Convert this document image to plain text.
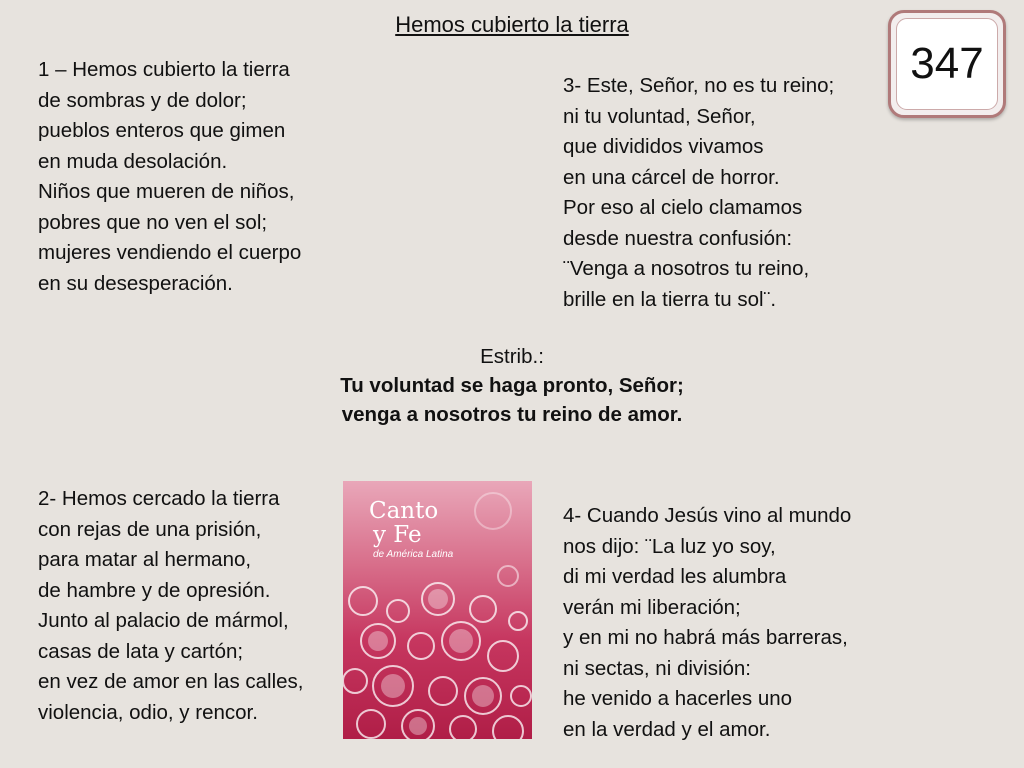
Hemos cubierto la tierra
347
1 – Hemos cubierto la tierra
de sombras y de dolor;
pueblos enteros que gimen
en muda desolación.
Niños que mueren de niños,
pobres que no ven el sol;
mujeres vendiendo el cuerpo
en su desesperación.
3- Este, Señor, no es tu reino;
ni tu voluntad, Señor,
que divididos vivamos
en una cárcel de horror.
Por eso al cielo clamamos
desde nuestra confusión:
¨Venga a nosotros tu reino,
brille en la tierra tu sol¨.
Estrib.:
Tu voluntad se haga pronto, Señor;
venga a nosotros tu reino de amor.
2- Hemos cercado la tierra
con rejas de una prisión,
para matar al hermano,
de hambre y de opresión.
Junto al palacio de mármol,
casas de lata y cartón;
en vez de amor en las calles,
violencia, odio, y rencor.
Canto
y Fe
de América Latina
4- Cuando Jesús vino al mundo
nos dijo: ¨La luz yo soy,
di mi verdad les alumbra
verán mi liberación;
y en mi no habrá más barreras,
ni sectas, ni división:
he venido a hacerles uno
en la verdad y el amor.
